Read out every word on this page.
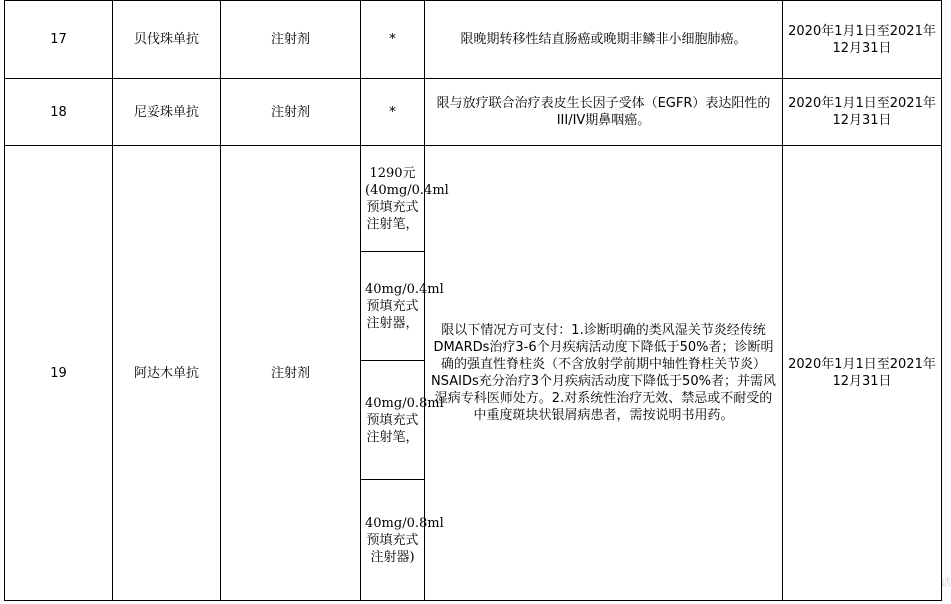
17	贝伐珠单抗	注射剂	*	限晚期转移性结直肠癌或晚期非鳞非小细胞肺癌。	2020年1月1日至2021年12月31日
18	尼妥珠单抗	注射剂	*	限与放疗联合治疗表皮生长因子受体（EGFR）表达阳性的III/IV期鼻咽癌。	2020年1月1日至2021年12月31日
19	阿达木单抗	注射剂	1290元(40mg/0.4ml 预填充式注射笔，	限以下情况方可支付：1.诊断明确的类风湿关节炎经传统DMARDs治疗3-6个月疾病活动度下降低于50%者；诊断明确的强直性脊柱炎（不含放射学前期中轴性脊柱关节炎）NSAIDs充分治疗3个月疾病活动度下降低于50%者；并需风湿病专科医师处方。2.对系统性治疗无效、禁忌或不耐受的中重度斑块状银屑病患者，需按说明书用药。	2020年1月1日至2021年12月31日
			40mg/0.4ml 预填充式注射器，		
			40mg/0.8ml 预填充式注射笔，		
			40mg/0.8ml 预填充式注射器)		
话
